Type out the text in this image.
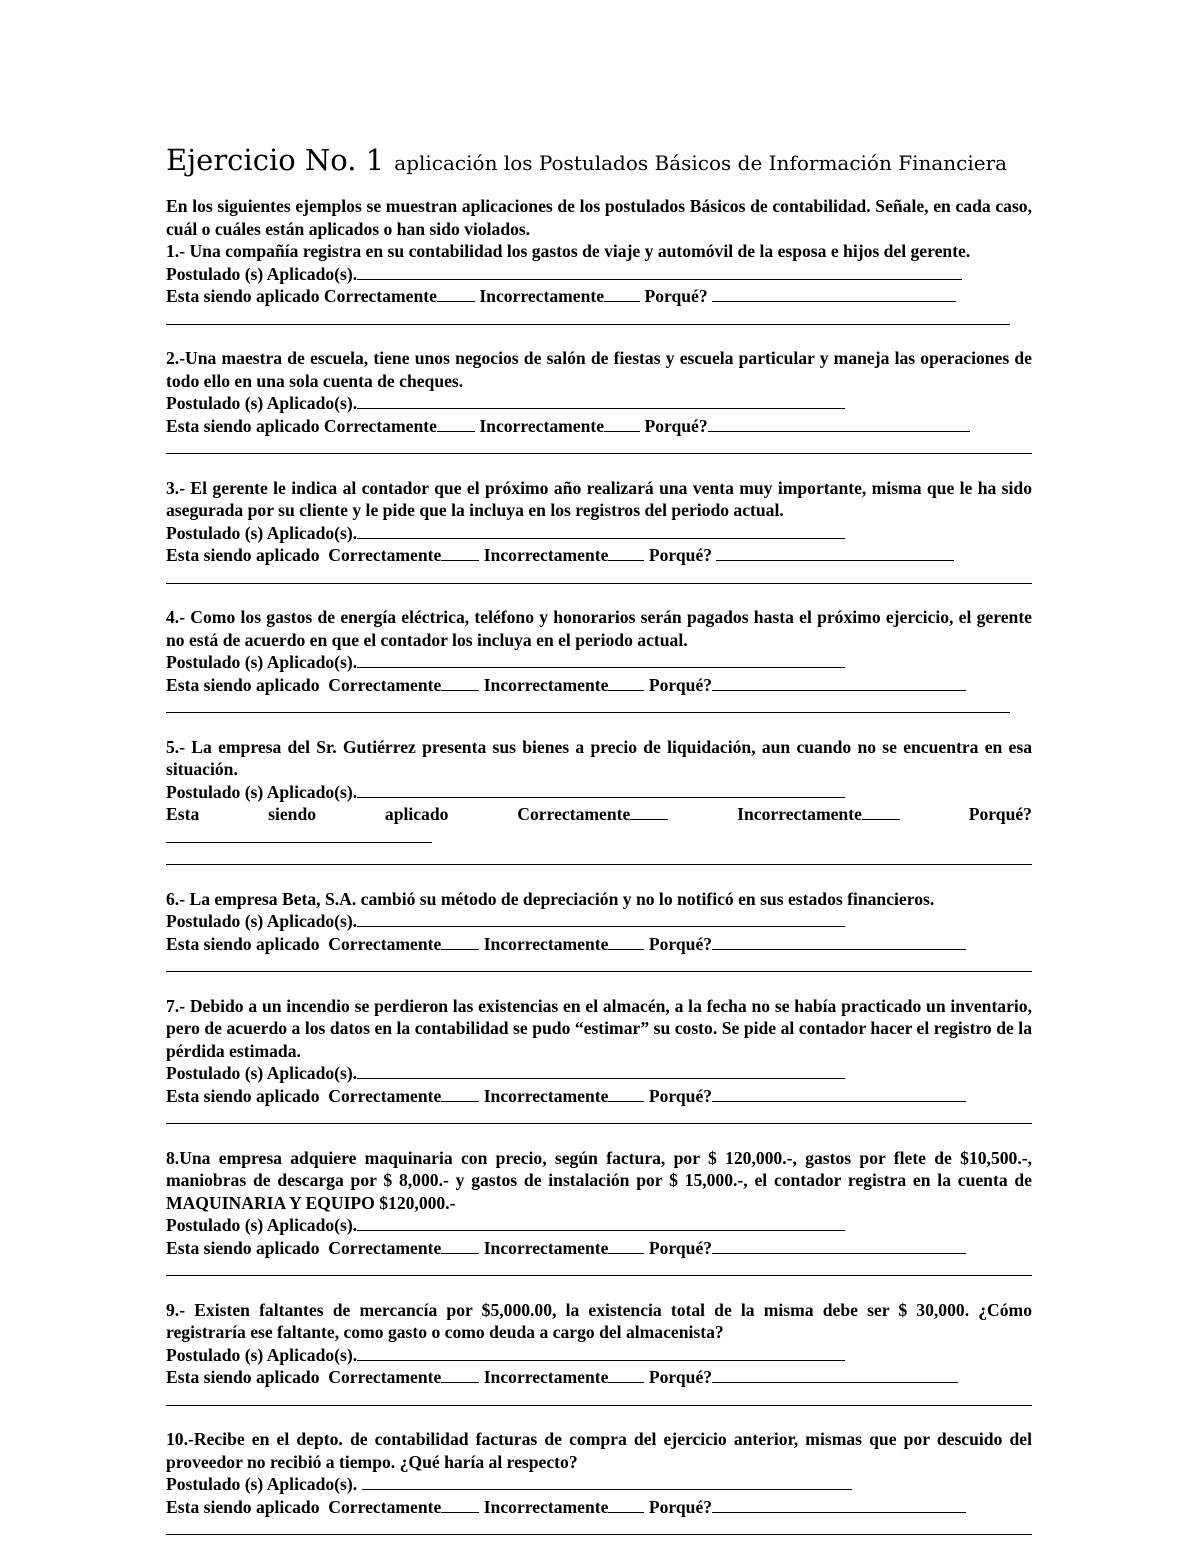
Ejercicio No. 1 aplicación los Postulados Básicos de Información Financiera
En los siguientes ejemplos se muestran aplicaciones de los postulados Básicos de contabilidad. Señale, en cada caso, cuál o cuáles están aplicados o han sido violados.
1.- Una compañía registra en su contabilidad los gastos de viaje y automóvil de la esposa e hijos del gerente.
Postulado (s) Aplicado(s).
Esta siendo aplicado Correctamente Incorrectamente Porqué?
2.-Una maestra de escuela, tiene unos negocios de salón de fiestas y escuela particular y maneja las operaciones de todo ello en una sola cuenta de cheques.
Postulado (s) Aplicado(s).
Esta siendo aplicado Correctamente Incorrectamente Porqué?
3.- El gerente le indica al contador que el próximo año realizará una venta muy importante, misma que le ha sido asegurada por su cliente y le pide que la incluya en los registros del periodo actual.
Postulado (s) Aplicado(s).
Esta siendo aplicado Correctamente Incorrectamente Porqué?
4.- Como los gastos de energía eléctrica, teléfono y honorarios serán pagados hasta el próximo ejercicio, el gerente no está de acuerdo en que el contador los incluya en el periodo actual.
Postulado (s) Aplicado(s).
Esta siendo aplicado Correctamente Incorrectamente Porqué?
5.- La empresa del Sr. Gutiérrez presenta sus bienes a precio de liquidación, aun cuando no se encuentra en esa situación.
Postulado (s) Aplicado(s).
Esta	siendo	aplicado	Correctamente	Incorrectamente	Porqué?
6.- La empresa Beta, S.A. cambió su método de depreciación y no lo notificó en sus estados financieros.
Postulado (s) Aplicado(s).
Esta siendo aplicado Correctamente Incorrectamente Porqué?
7.- Debido a un incendio se perdieron las existencias en el almacén, a la fecha no se había practicado un inventario, pero de acuerdo a los datos en la contabilidad se pudo “estimar” su costo. Se pide al contador hacer el registro de la pérdida estimada.
Postulado (s) Aplicado(s).
Esta siendo aplicado Correctamente Incorrectamente Porqué?
8.Una empresa adquiere maquinaria con precio, según factura, por $ 120,000.-, gastos por flete de $10,500.-, maniobras de descarga por $ 8,000.- y gastos de instalación por $ 15,000.-, el contador registra en la cuenta de MAQUINARIA Y EQUIPO $120,000.-
Postulado (s) Aplicado(s).
Esta siendo aplicado Correctamente Incorrectamente Porqué?
9.- Existen faltantes de mercancía por $5,000.00, la existencia total de la misma debe ser $ 30,000. ¿Cómo registraría ese faltante, como gasto o como deuda a cargo del almacenista?
Postulado (s) Aplicado(s).
Esta siendo aplicado Correctamente Incorrectamente Porqué?
10.-Recibe en el depto. de contabilidad facturas de compra del ejercicio anterior, mismas que por descuido del proveedor no recibió a tiempo. ¿Qué haría al respecto?
Postulado (s) Aplicado(s).
Esta siendo aplicado Correctamente Incorrectamente Porqué?
